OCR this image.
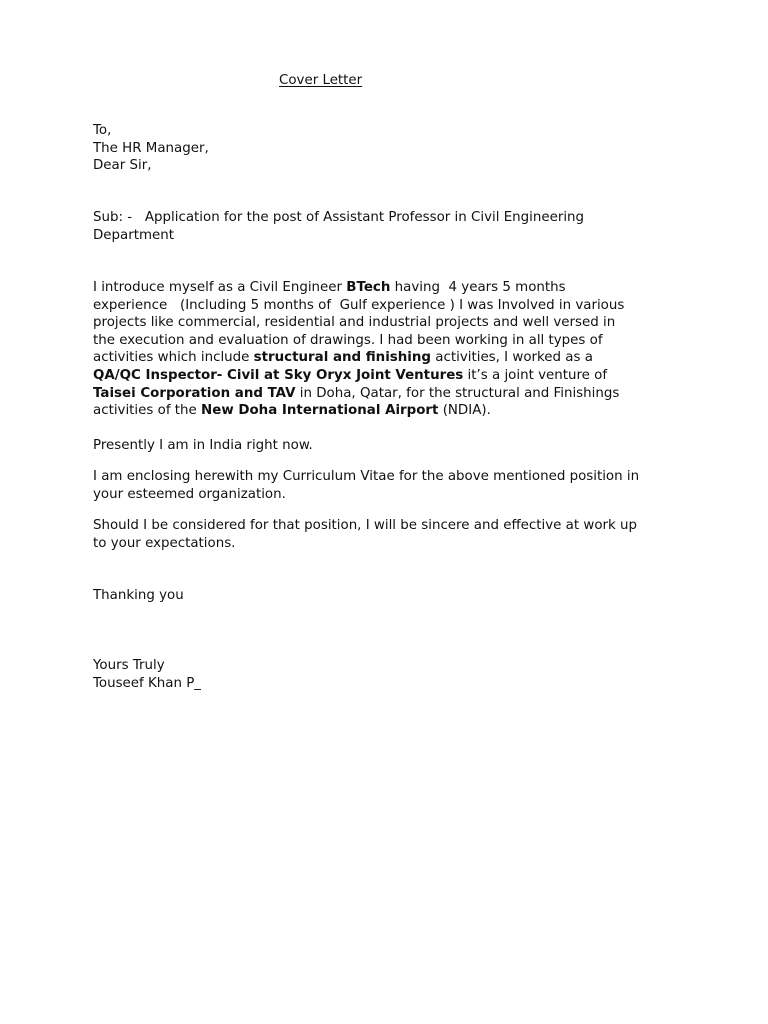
Cover Letter
To,
The HR Manager,
Dear Sir,
Sub: -   Application for the post of Assistant Professor in Civil Engineering
Department
I introduce myself as a Civil Engineer BTech having  4 years 5 months
experience   (Including 5 months of  Gulf experience ) I was Involved in various
projects like commercial, residential and industrial projects and well versed in
the execution and evaluation of drawings. I had been working in all types of
activities which include structural and finishing activities, I worked as a
QA/QC Inspector- Civil at Sky Oryx Joint Ventures it’s a joint venture of
Taisei Corporation and TAV in Doha, Qatar, for the structural and Finishings
activities of the New Doha International Airport (NDIA).
Presently I am in India right now.
I am enclosing herewith my Curriculum Vitae for the above mentioned position in
your esteemed organization.
Should I be considered for that position, I will be sincere and effective at work up
to your expectations.
Thanking you
Yours Truly
Touseef Khan P_
